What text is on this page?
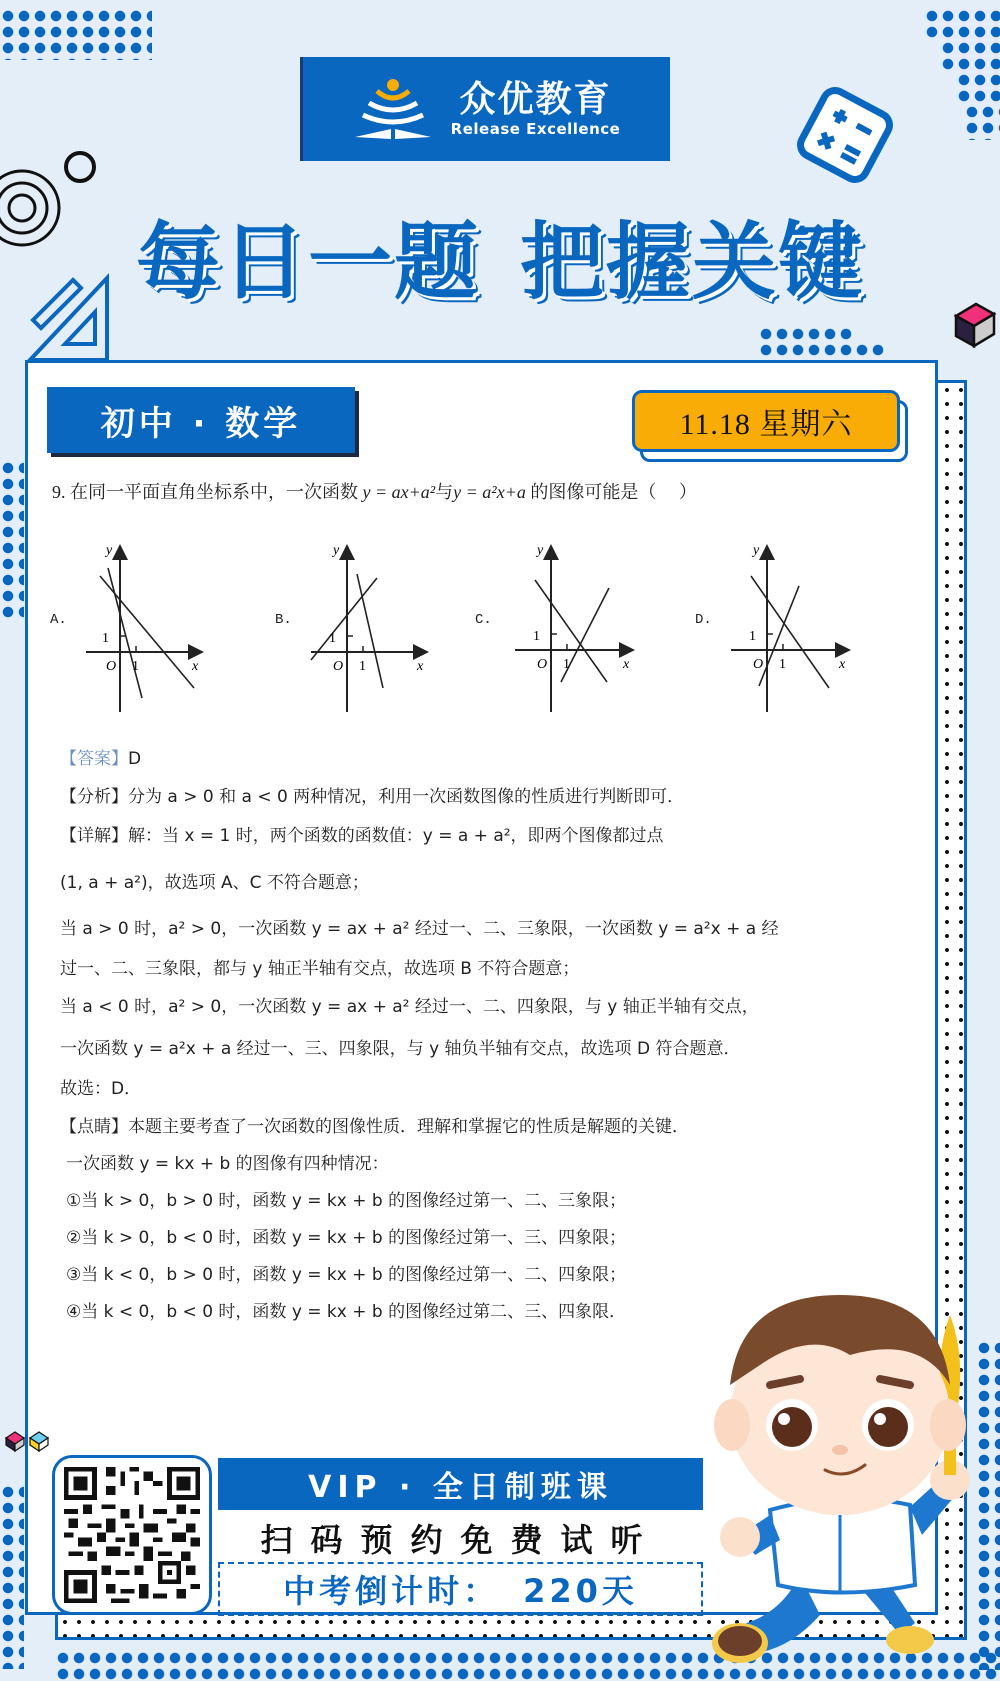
众优教育
Release Excellence
每日一题 把握关键
初中 · 数学	11.18 星期六
9. 在同一平面直角坐标系中，一次函数 y = ax+a²与y = a²x+a 的图像可能是（　 ）
A.
1
1
O	x
y
B.
1
1
O	x
y
C.
1
1
O	x
y
D.
1
1
O	x
y
【答案】D
【分析】分为 a > 0 和 a < 0 两种情况，利用一次函数图像的性质进行判断即可．
【详解】解：当 x = 1 时，两个函数的函数值：y = a + a²，即两个图像都过点
(1, a + a²)，故选项 A、C 不符合题意；
当 a > 0 时，a² > 0，一次函数 y = ax + a² 经过一、二、三象限，一次函数 y = a²x + a 经
过一、二、三象限，都与 y 轴正半轴有交点，故选项 B 不符合题意；
当 a < 0 时，a² > 0，一次函数 y = ax + a² 经过一、二、四象限，与 y 轴正半轴有交点，
一次函数 y = a²x + a 经过一、三、四象限，与 y 轴负半轴有交点，故选项 D 符合题意．
故选：D．
【点睛】本题主要考查了一次函数的图像性质．理解和掌握它的性质是解题的关键．
一次函数 y = kx + b 的图像有四种情况：
①当 k > 0，b > 0 时，函数 y = kx + b 的图像经过第一、二、三象限；
②当 k > 0，b < 0 时，函数 y = kx + b 的图像经过第一、三、四象限；
③当 k < 0，b > 0 时，函数 y = kx + b 的图像经过第一、二、四象限；
④当 k < 0，b < 0 时，函数 y = kx + b 的图像经过第二、三、四象限．
VIP · 全日制班课
扫码预约免费试听
中考倒计时： 220天
